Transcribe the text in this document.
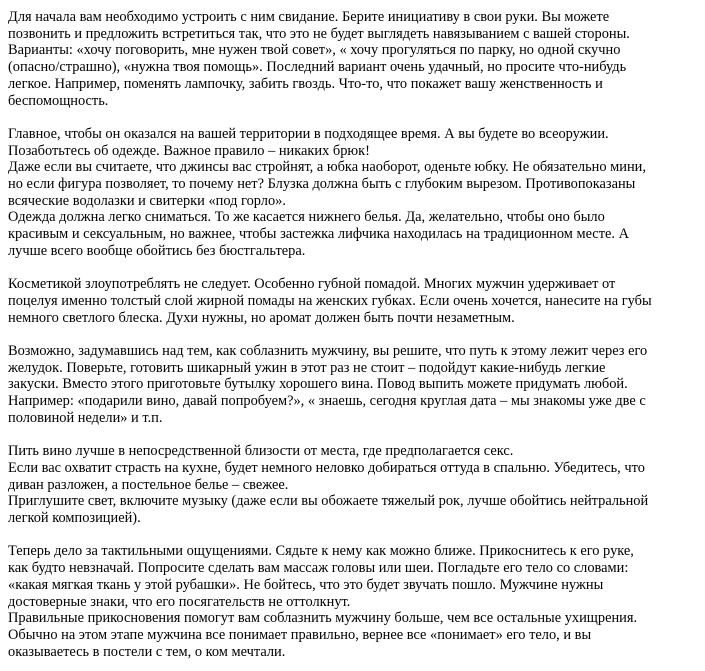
Для начала вам необходимо устроить с ним свидание. Берите инициативу в свои руки. Вы можете
позвонить и предложить встретиться так, что это не будет выглядеть навязыванием с вашей стороны.
Варианты: «хочу поговорить, мне нужен твой совет», « хочу прогуляться по парку, но одной скучно
(опасно/страшно), «нужна твоя помощь». Последний вариант очень удачный, но просите что-нибудь
легкое. Например, поменять лампочку, забить гвоздь. Что-то, что покажет вашу женственность и
беспомощность.
Главное, чтобы он оказался на вашей территории в подходящее время. А вы будете во всеоружии.
Позаботьтесь об одежде. Важное правило – никаких брюк!
Даже если вы считаете, что джинсы вас стройнят, а юбка наоборот, оденьте юбку. Не обязательно мини,
но если фигура позволяет, то почему нет? Блузка должна быть с глубоким вырезом. Противопоказаны
всяческие водолазки и свитерки «под горло».
Одежда должна легко сниматься. То же касается нижнего белья. Да, желательно, чтобы оно было
красивым и сексуальным, но важнее, чтобы застежка лифчика находилась на традиционном месте. А
лучше всего вообще обойтись без бюстгальтера.
Косметикой злоупотреблять не следует. Особенно губной помадой. Многих мужчин удерживает от
поцелуя именно толстый слой жирной помады на женских губках. Если очень хочется, нанесите на губы
немного светлого блеска. Духи нужны, но аромат должен быть почти незаметным.
Возможно, задумавшись над тем, как соблазнить мужчину, вы решите, что путь к этому лежит через его
желудок. Поверьте, готовить шикарный ужин в этот раз не стоит – подойдут какие-нибудь легкие
закуски. Вместо этого приготовьте бутылку хорошего вина. Повод выпить можете придумать любой.
Например: «подарили вино, давай попробуем?», « знаешь, сегодня круглая дата – мы знакомы уже две с
половиной недели» и т.п.
Пить вино лучше в непосредственной близости от места, где предполагается секс.
Если вас охватит страсть на кухне, будет немного неловко добираться оттуда в спальню. Убедитесь, что
диван разложен, а постельное белье – свежее.
Приглушите свет, включите музыку (даже если вы обожаете тяжелый рок, лучше обойтись нейтральной
легкой композицией).
Теперь дело за тактильными ощущениями. Сядьте к нему как можно ближе. Прикоснитесь к его руке,
как будто невзначай. Попросите сделать вам массаж головы или шеи. Погладьте его тело со словами:
«какая мягкая ткань у этой рубашки». Не бойтесь, что это будет звучать пошло. Мужчине нужны
достоверные знаки, что его посягательств не оттолкнут.
Правильные прикосновения помогут вам соблазнить мужчину больше, чем все остальные ухищрения.
Обычно на этом этапе мужчина все понимает правильно, вернее все «понимает» его тело, и вы
оказываетесь в постели с тем, о ком мечтали.
